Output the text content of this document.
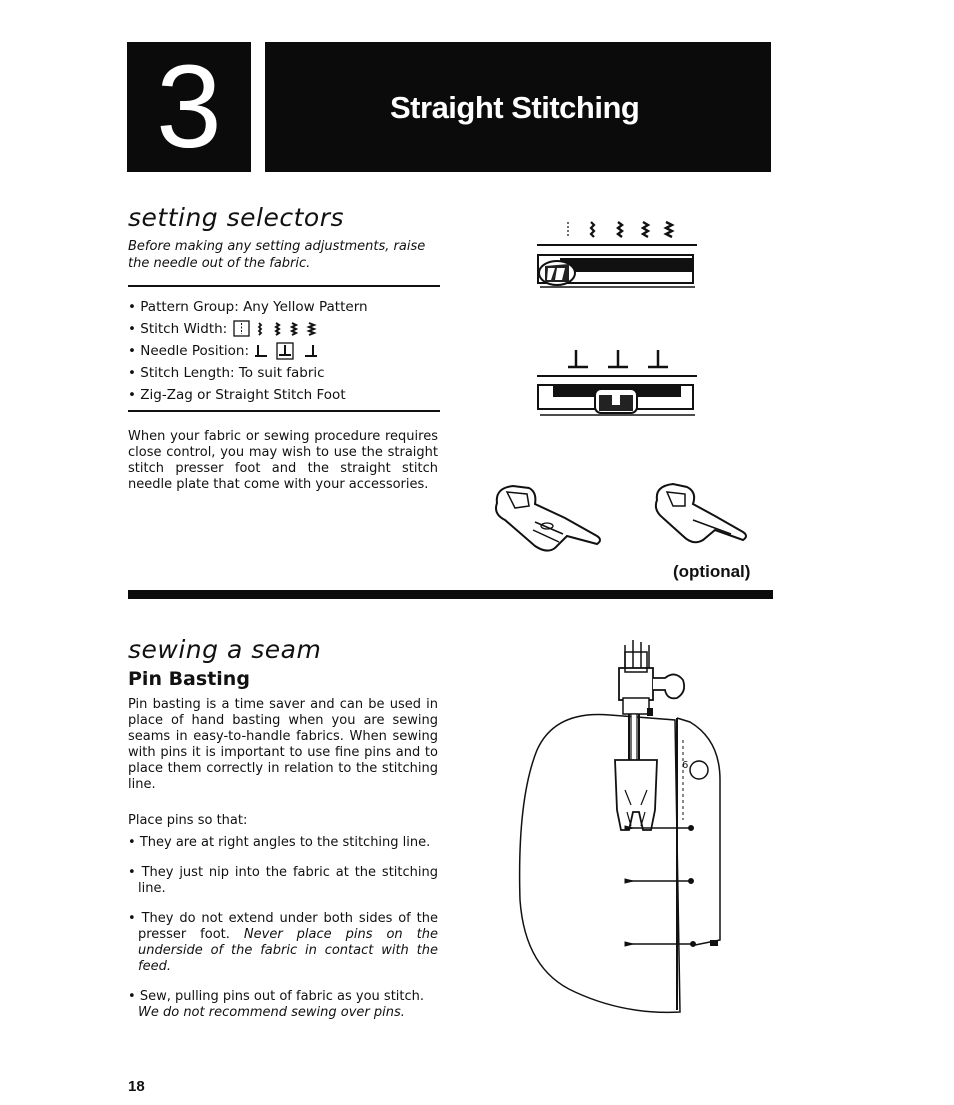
3	Straight Stitching
setting selectors
Before making any setting adjustments, raise the needle out of the fabric.
• Pattern Group: Any Yellow Pattern
• Stitch Width:
• Needle Position:
• Stitch Length: To suit fabric
• Zig-Zag or Straight Stitch Foot
When your fabric or sewing procedure requires close control, you may wish to use the straight stitch presser foot and the straight stitch needle plate that come with your accessories.
(optional)
sewing a seam
Pin Basting
Pin basting is a time saver and can be used in place of hand basting when you are sewing seams in easy-to-handle fabrics. When sewing with pins it is important to use fine pins and to place them correctly in relation to the stitching line.
Place pins so that:

• They are at right angles to the stitching line.

• They just nip into the fabric at the stitching line.

• They do not extend under both sides of the presser foot. Never place pins on the underside of the fabric in contact with the feed.

• Sew, pulling pins out of fabric as you stitch.
We do not recommend sewing over pins.

6
18
